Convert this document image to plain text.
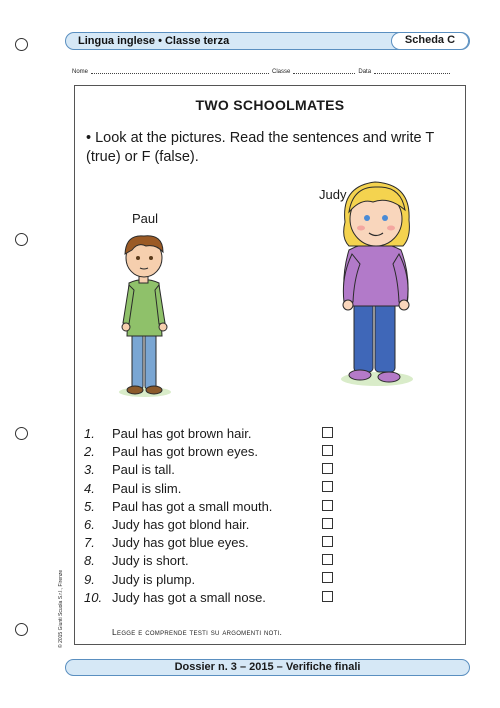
Lingua inglese • Classe terza	Scheda C
Nome	Classe	Data
TWO SCHOOLMATES
• Look at the pictures. Read the sentences and write T (true) or F (false).
Paul
Judy
1.	Paul has got brown hair.
2.	Paul has got brown eyes.
3.	Paul is tall.
4.	Paul is slim.
5.	Paul has got a small mouth.
6.	Judy has got blond hair.
7.	Judy has got blue eyes.
8.	Judy is short.
9.	Judy is plump.
10. Judy has got a small nose.
Legge e comprende testi su argomenti noti.
© 2015 Giunti Scuola S.r.l., Firenze
Dossier n. 3 – 2015 – Verifiche finali
